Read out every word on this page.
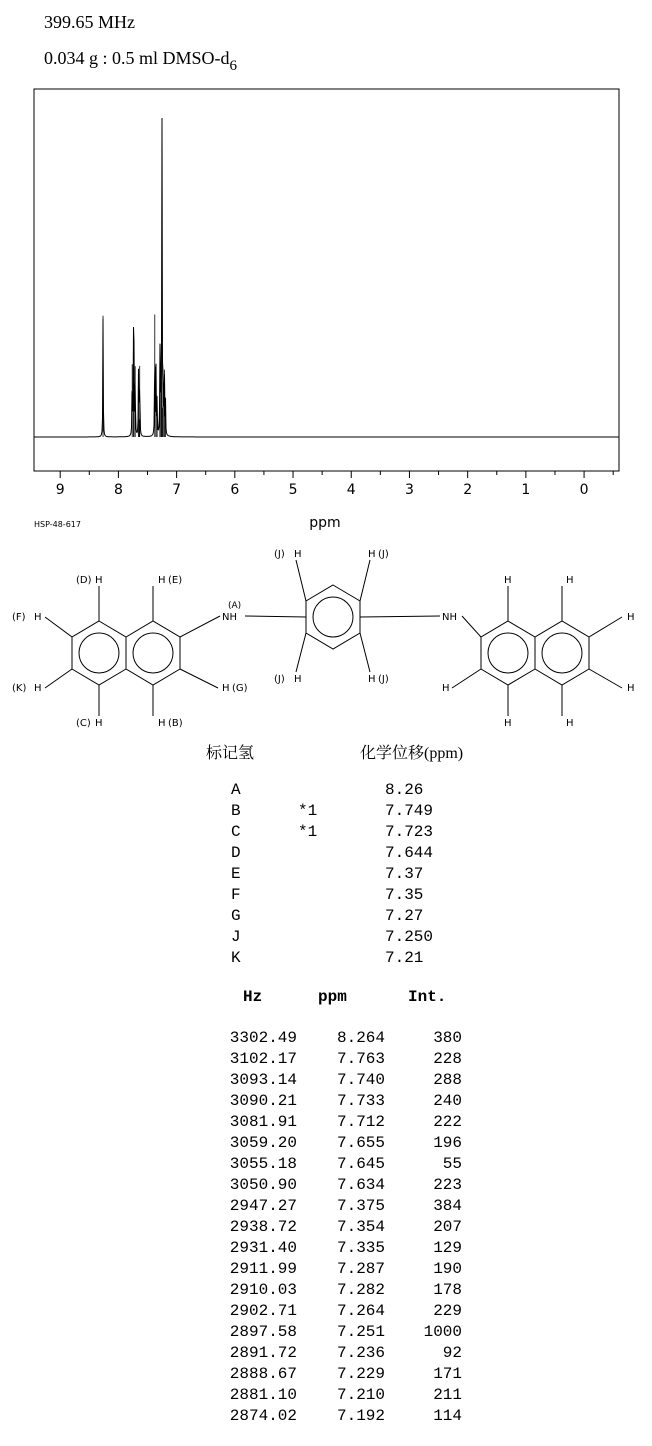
399.65 MHz
0.034 g : 0.5 ml DMSO-$d_6$
9	8	7	6	5	4	3	2	1	0
ppm
HSP-48-617
(D) H	H (E)
(F) H
(K) H
(C) H	H (B)
H (G)
(A)
NH
(J) H	H (J)
(J) H	H (J)
NH
H	H
H
H
H	H
H
标记氢	化学位移(ppm)
A	8.26
B	*1	7.749
C	*1	7.723
D	7.644
E	7.37
F	7.35
G	7.27
J	7.250
K	7.21
Hz	ppm	Int.
3302.49	8.264	380
3102.17	7.763	228
3093.14	7.740	288
3090.21	7.733	240
3081.91	7.712	222
3059.20	7.655	196
3055.18	7.645	55
3050.90	7.634	223
2947.27	7.375	384
2938.72	7.354	207
2931.40	7.335	129
2911.99	7.287	190
2910.03	7.282	178
2902.71	7.264	229
2897.58	7.251	1000
2891.72	7.236	92
2888.67	7.229	171
2881.10	7.210	211
2874.02	7.192	114
